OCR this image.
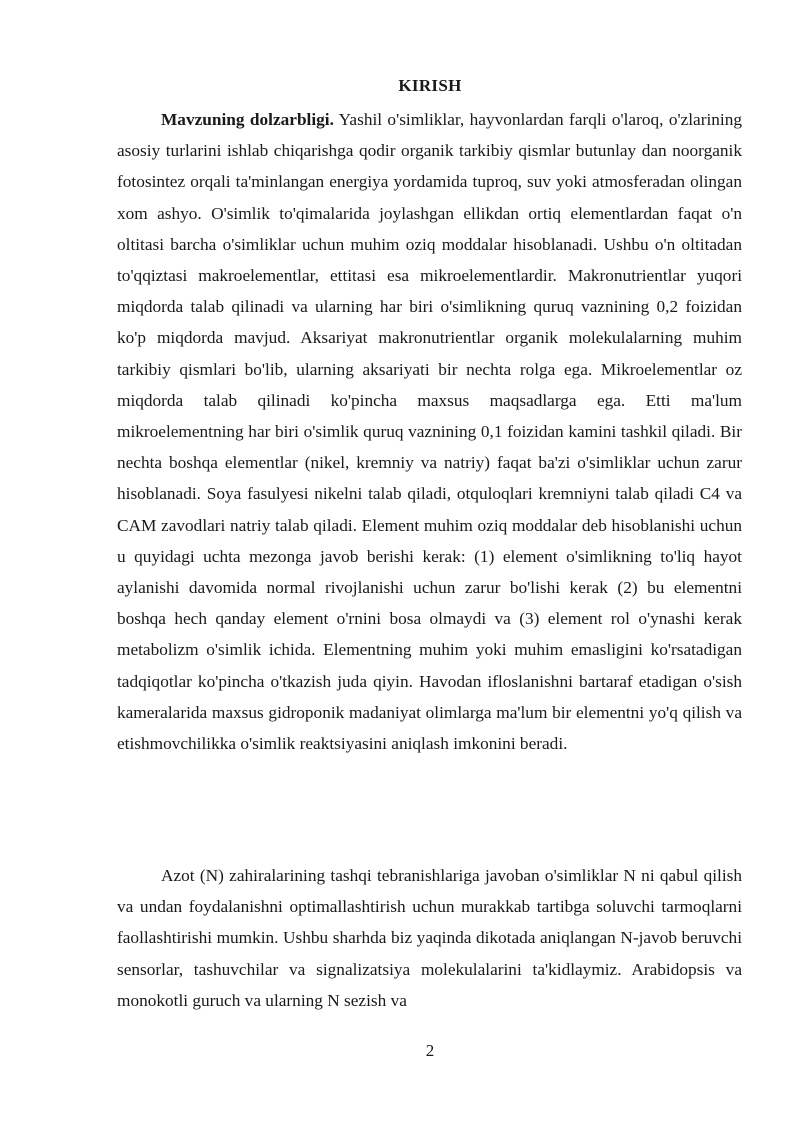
KIRISH

Mavzuning dolzarbligi. Yashil o'simliklar, hayvonlardan farqli o'laroq, o'zlarining asosiy turlarini ishlab chiqarishga qodir organik tarkibiy qismlar butunlay dan noorganik fotosintez orqali ta'minlangan energiya yordamida tuproq, suv yoki atmosferadan olingan xom ashyo. O'simlik to'qimalarida joylashgan ellikdan ortiq elementlardan faqat o'n oltitasi barcha o'simliklar uchun muhim oziq moddalar hisoblanadi. Ushbu o'n oltitadan to'qqiztasi makroelementlar, ettitasi esa mikroelementlardir. Makronutrientlar yuqori miqdorda talab qilinadi va ularning har biri o'simlikning quruq vaznining 0,2 foizidan ko'p miqdorda mavjud. Aksariyat makronutrientlar organik molekulalarning muhim tarkibiy qismlari bo'lib, ularning aksariyati bir nechta rolga ega. Mikroelementlar oz miqdorda talab qilinadi ko'pincha maxsus maqsadlarga ega. Etti ma'lum mikroelementning har biri o'simlik quruq vaznining 0,1 foizidan kamini tashkil qiladi. Bir nechta boshqa elementlar (nikel, kremniy va natriy) faqat ba'zi o'simliklar uchun zarur hisoblanadi. Soya fasulyesi nikelni talab qiladi, otquloqlari kremniyni talab qiladi C4 va CAM zavodlari natriy talab qiladi. Element muhim oziq moddalar deb hisoblanishi uchun u quyidagi uchta mezonga javob berishi kerak: (1) element o'simlikning to'liq hayot aylanishi davomida normal rivojlanishi uchun zarur bo'lishi kerak (2) bu elementni boshqa hech qanday element o'rnini bosa olmaydi va (3) element rol o'ynashi kerak metabolizm o'simlik ichida. Elementning muhim yoki muhim emasligini ko'rsatadigan tadqiqotlar ko'pincha o'tkazish juda qiyin. Havodan ifloslanishni bartaraf etadigan o'sish kameralarida maxsus gidroponik madaniyat olimlarga ma'lum bir elementni yo'q qilish va etishmovchilikka o'simlik reaktsiyasini aniqlash imkonini beradi.

Azot (N) zahiralarining tashqi tebranishlariga javoban o'simliklar N ni qabul qilish va undan foydalanishni optimallashtirish uchun murakkab tartibga soluvchi tarmoqlarni faollashtirishi mumkin. Ushbu sharhda biz yaqinda dikotada aniqlangan N-javob beruvchi sensorlar, tashuvchilar va signalizatsiya molekulalarini ta'kidlaymiz. Arabidopsis va monokotli guruch va ularning N sezish va

2
